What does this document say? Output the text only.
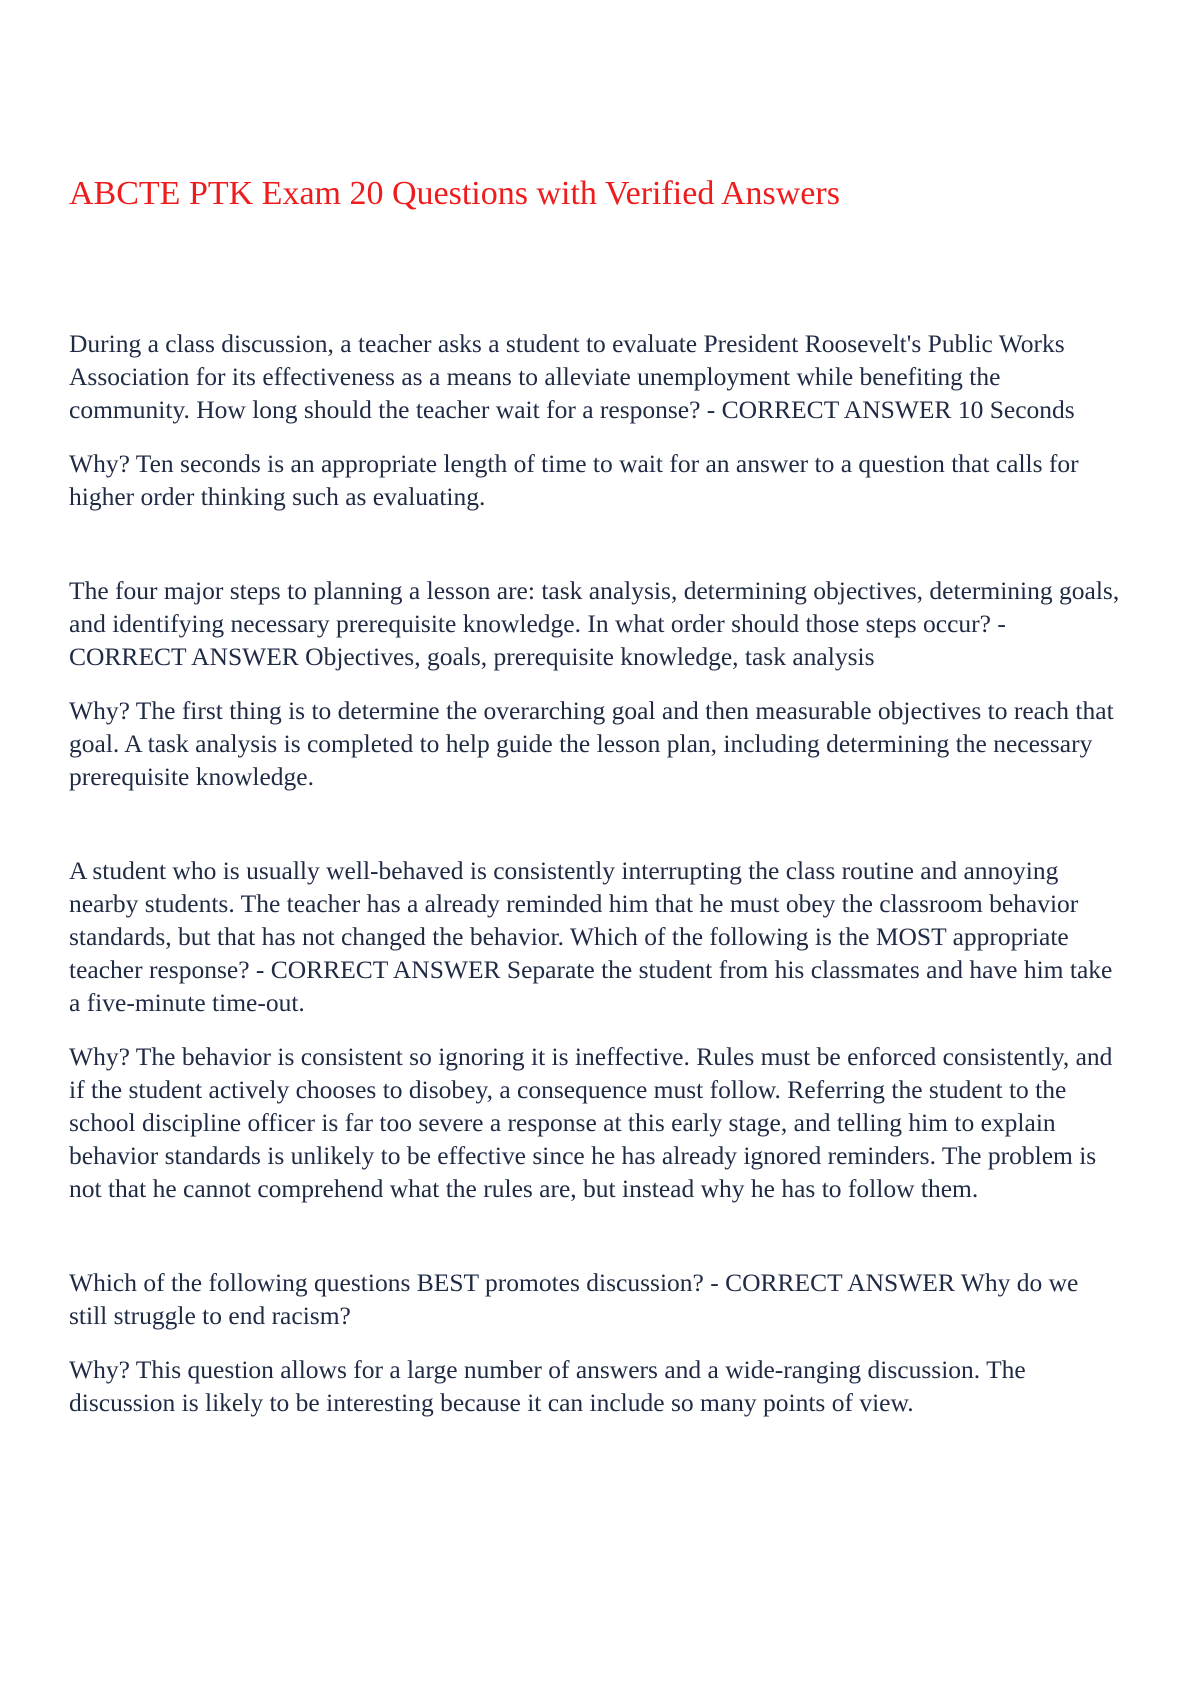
ABCTE PTK Exam 20 Questions with Verified Answers

During a class discussion, a teacher asks a student to evaluate President Roosevelt's Public Works Association for its effectiveness as a means to alleviate unemployment while benefiting the community. How long should the teacher wait for a response? - CORRECT ANSWER 10 Seconds

Why? Ten seconds is an appropriate length of time to wait for an answer to a question that calls for higher order thinking such as evaluating.

The four major steps to planning a lesson are: task analysis, determining objectives, determining goals, and identifying necessary prerequisite knowledge. In what order should those steps occur? - CORRECT ANSWER Objectives, goals, prerequisite knowledge, task analysis

Why? The first thing is to determine the overarching goal and then measurable objectives to reach that goal. A task analysis is completed to help guide the lesson plan, including determining the necessary prerequisite knowledge.

A student who is usually well-behaved is consistently interrupting the class routine and annoying nearby students. The teacher has a already reminded him that he must obey the classroom behavior standards, but that has not changed the behavior. Which of the following is the MOST appropriate teacher response? - CORRECT ANSWER Separate the student from his classmates and have him take a five-minute time-out.

Why? The behavior is consistent so ignoring it is ineffective. Rules must be enforced consistently, and if the student actively chooses to disobey, a consequence must follow. Referring the student to the school discipline officer is far too severe a response at this early stage, and telling him to explain behavior standards is unlikely to be effective since he has already ignored reminders. The problem is not that he cannot comprehend what the rules are, but instead why he has to follow them.

Which of the following questions BEST promotes discussion? - CORRECT ANSWER Why do we still struggle to end racism?

Why? This question allows for a large number of answers and a wide-ranging discussion. The discussion is likely to be interesting because it can include so many points of view.
